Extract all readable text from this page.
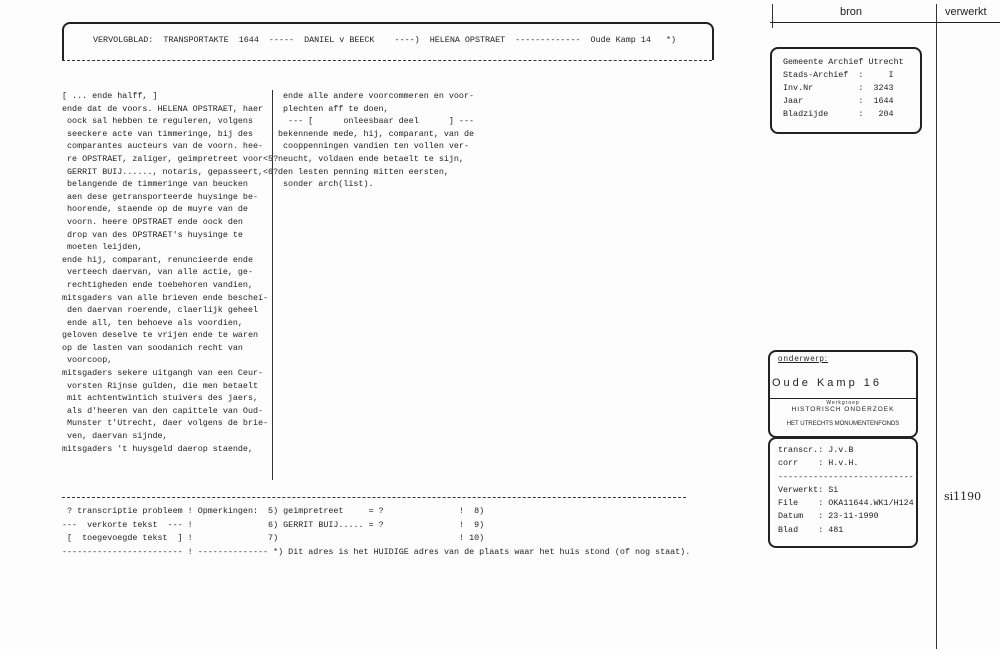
VERVOLGBLAD:  TRANSPORTAKTE  1644  -----  DANIEL v BEECK    ----)  HELENA OPSTRAET  -------------  Oude Kamp 14   *)
[ ... ende halff, ]
ende dat de voors. HELENA OPSTRAET, haer
oock sal hebben te reguleren, volgens
seeckere acte van timmeringe, bij des
comparantes aucteurs van de voorn. hee-
re OPSTRAET, zaliger, geimpretreet voor<5?
GERRIT BUIJ......, notaris, gepasseert,<6?
belangende de timmeringe van beucken
aen dese getransporteerde huysinge be-
hoorende, staende op de muyre van de
voorn. heere OPSTRAET ende oock den
drop van des OPSTRAET's huysinge te
moeten leijden,
ende hij, comparant, renuncieerde ende
verteech daervan, van alle actie, ge-
rechtigheden ende toebehoren vandien,
mitsgaders van alle brieven ende bescheí-
den daervan roerende, claerlijk geheel
ende all, ten behoeve als voordien,
geloven deselve te vrijen ende te waren
op de lasten van soodanich recht van
voorcoop,
mitsgaders sekere uitgangh van een Ceur-
vorsten Rijnse gulden, die men betaelt
mit achtentwintich stuivers des jaers,
als d'heeren van den capittele van Oud-
Munster t'Utrecht, daer volgens de brie-
ven, daervan sijnde,
mitsgaders 't huysgeld daerop staende,
ende alle andere voorcommeren en voor-
plechten aff te doen,
--- [      onleesbaar deel      ] ---
bekennende mede, hij, comparant, van de
cooppenningen vandien ten vollen ver-
neucht, voldaen ende betaelt te sijn,
den lesten penning mitten eersten,
sonder arch(list).
? transcriptie probleem ! Opmerkingen:  5) geimpretreet     = ?               !  8)
---  verkorte tekst  --- !               6) GERRIT BUIJ..... = ?               !  9)
[  toegevoegde tekst  ] !               7)                                    ! 10)
------------------------ ! -------------- *) Dit adres is het HUIDIGE adres van de plaats waar het huis stond (of nog staat).
bron	verwerkt
Gemeente Archief Utrecht
Stads-Archief  :     I
Inv.Nr         :  3243
Jaar           :  1644
Bladzijde      :   204
onderwerp:
Oude Kamp 16
Werkgroep
HISTORISCH ONDERZOEK
HET UTRECHTS MONUMENTENFONDS
transcr.: J.v.B
corr    : H.v.H.
---------------------------
Verwerkt: Si
File    : OKA11644.WK1/H124
Datum   : 23-11-1990
Blad    : 481
si1190
